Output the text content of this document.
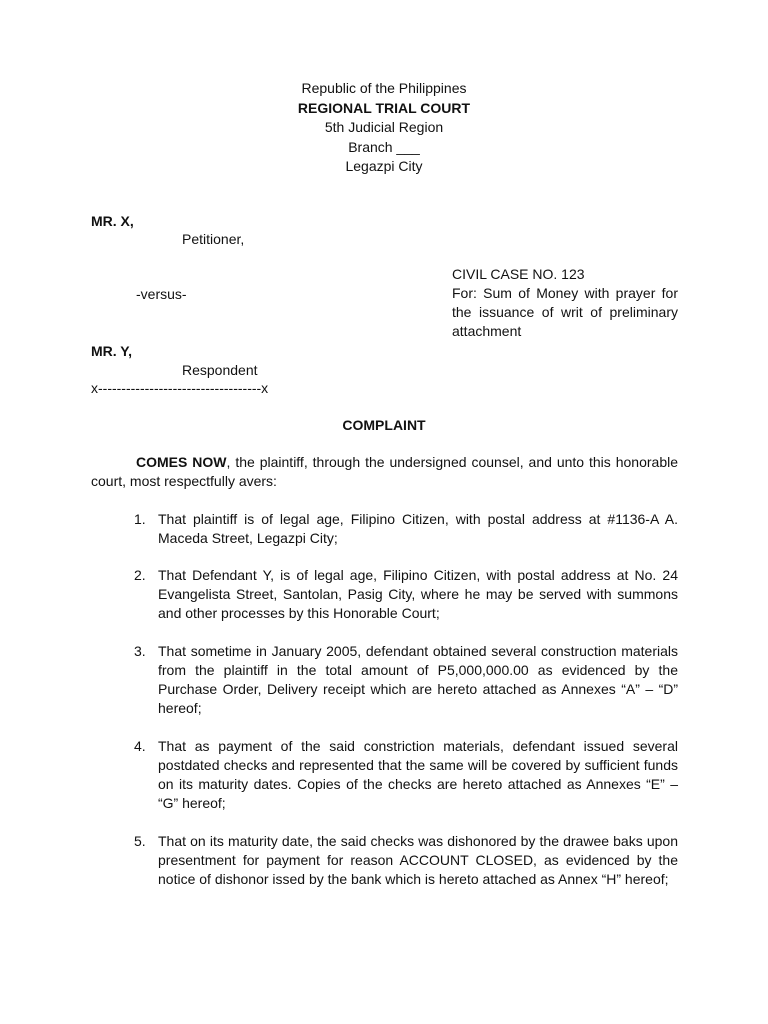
Republic of the Philippines
REGIONAL TRIAL COURT
5th Judicial Region
Branch ___
Legazpi City
MR. X,
Petitioner,
-versus-
MR. Y,
Respondent
x-----------------------------------x
CIVIL CASE NO. 123
For: Sum of Money with prayer for the issuance of writ of preliminary attachment
COMPLAINT
COMES NOW, the plaintiff, through the undersigned counsel, and unto this honorable court, most respectfully avers:
1. That plaintiff is of legal age, Filipino Citizen, with postal address at #1136-A A. Maceda Street, Legazpi City;
2. That Defendant Y, is of legal age, Filipino Citizen, with postal address at No. 24 Evangelista Street, Santolan, Pasig City, where he may be served with summons and other processes by this Honorable Court;
3. That sometime in January 2005, defendant obtained several construction materials from the plaintiff in the total amount of P5,000,000.00 as evidenced by the Purchase Order, Delivery receipt which are hereto attached as Annexes “A” – “D” hereof;
4. That as payment of the said constriction materials, defendant issued several postdated checks and represented that the same will be covered by sufficient funds on its maturity dates. Copies of the checks are hereto attached as Annexes “E” – “G” hereof;
5. That on its maturity date, the said checks was dishonored by the drawee baks upon presentment for payment for reason ACCOUNT CLOSED, as evidenced by the notice of dishonor issed by the bank which is hereto attached as Annex “H” hereof;
